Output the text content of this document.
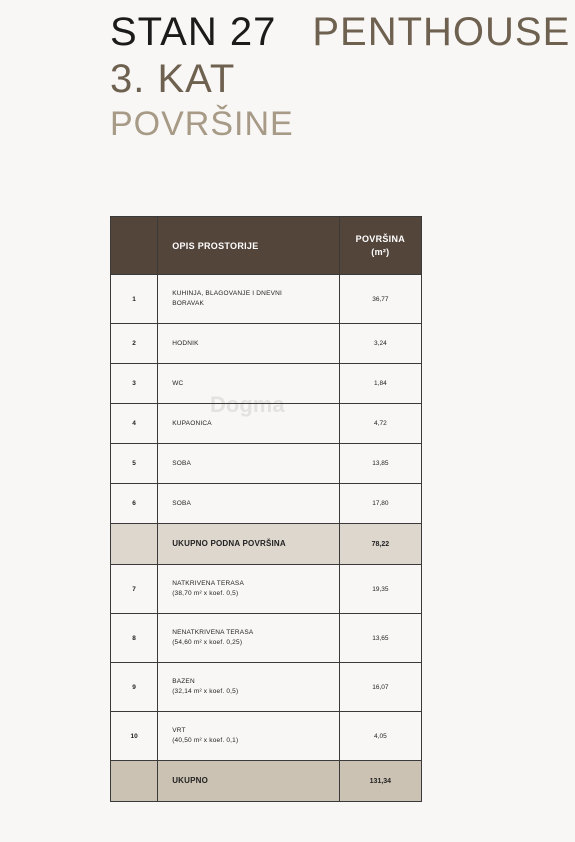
STAN 27 PENTHOUSE
3. KAT
POVRŠINE
Dogma
	OPIS PROSTORIJE	POVRŠINA
(m²)
1	KUHINJA, BLAGOVANJE I DNEVNI BORAVAK	36,77
2	HODNIK	3,24
3	WC	1,84
4	KUPAONICA	4,72
5	SOBA	13,85
6	SOBA	17,80
	UKUPNO PODNA POVRŠINA	78,22
7	NATKRIVENA TERASA
(38,70 m² x koef. 0,5)	19,35
8	NENATKRIVENA TERASA
(54,60 m² x koef. 0,25)	13,65
9	BAZEN
(32,14 m² x koef. 0,5)	16,07
10	VRT
(40,50 m² x koef. 0,1)	4,05
	UKUPNO	131,34
